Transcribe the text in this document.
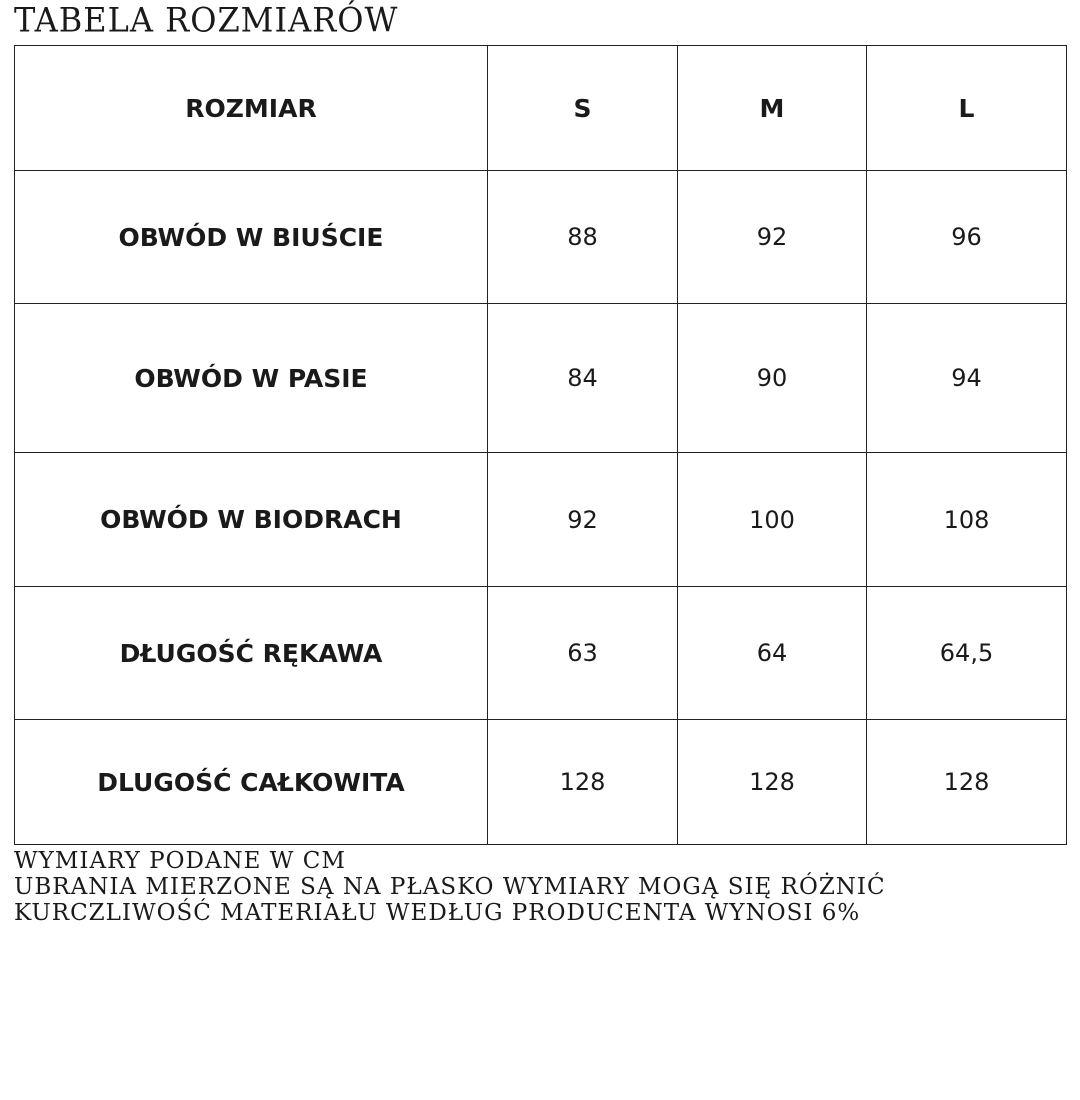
TABELA ROZMIARÓW
ROZMIAR	S	M	L
OBWÓD W BIUŚCIE	88	92	96
OBWÓD W PASIE	84	90	94
OBWÓD W BIODRACH	92	100	108
DŁUGOŚĆ RĘKAWA	63	64	64,5
DLUGOŚĆ CAŁKOWITA	128	128	128
WYMIARY PODANE W CM
UBRANIA MIERZONE SĄ NA PŁASKO WYMIARY MOGĄ SIĘ RÓŻNIĆ
KURCZLIWOŚĆ MATERIAŁU WEDŁUG PRODUCENTA WYNOSI 6%
